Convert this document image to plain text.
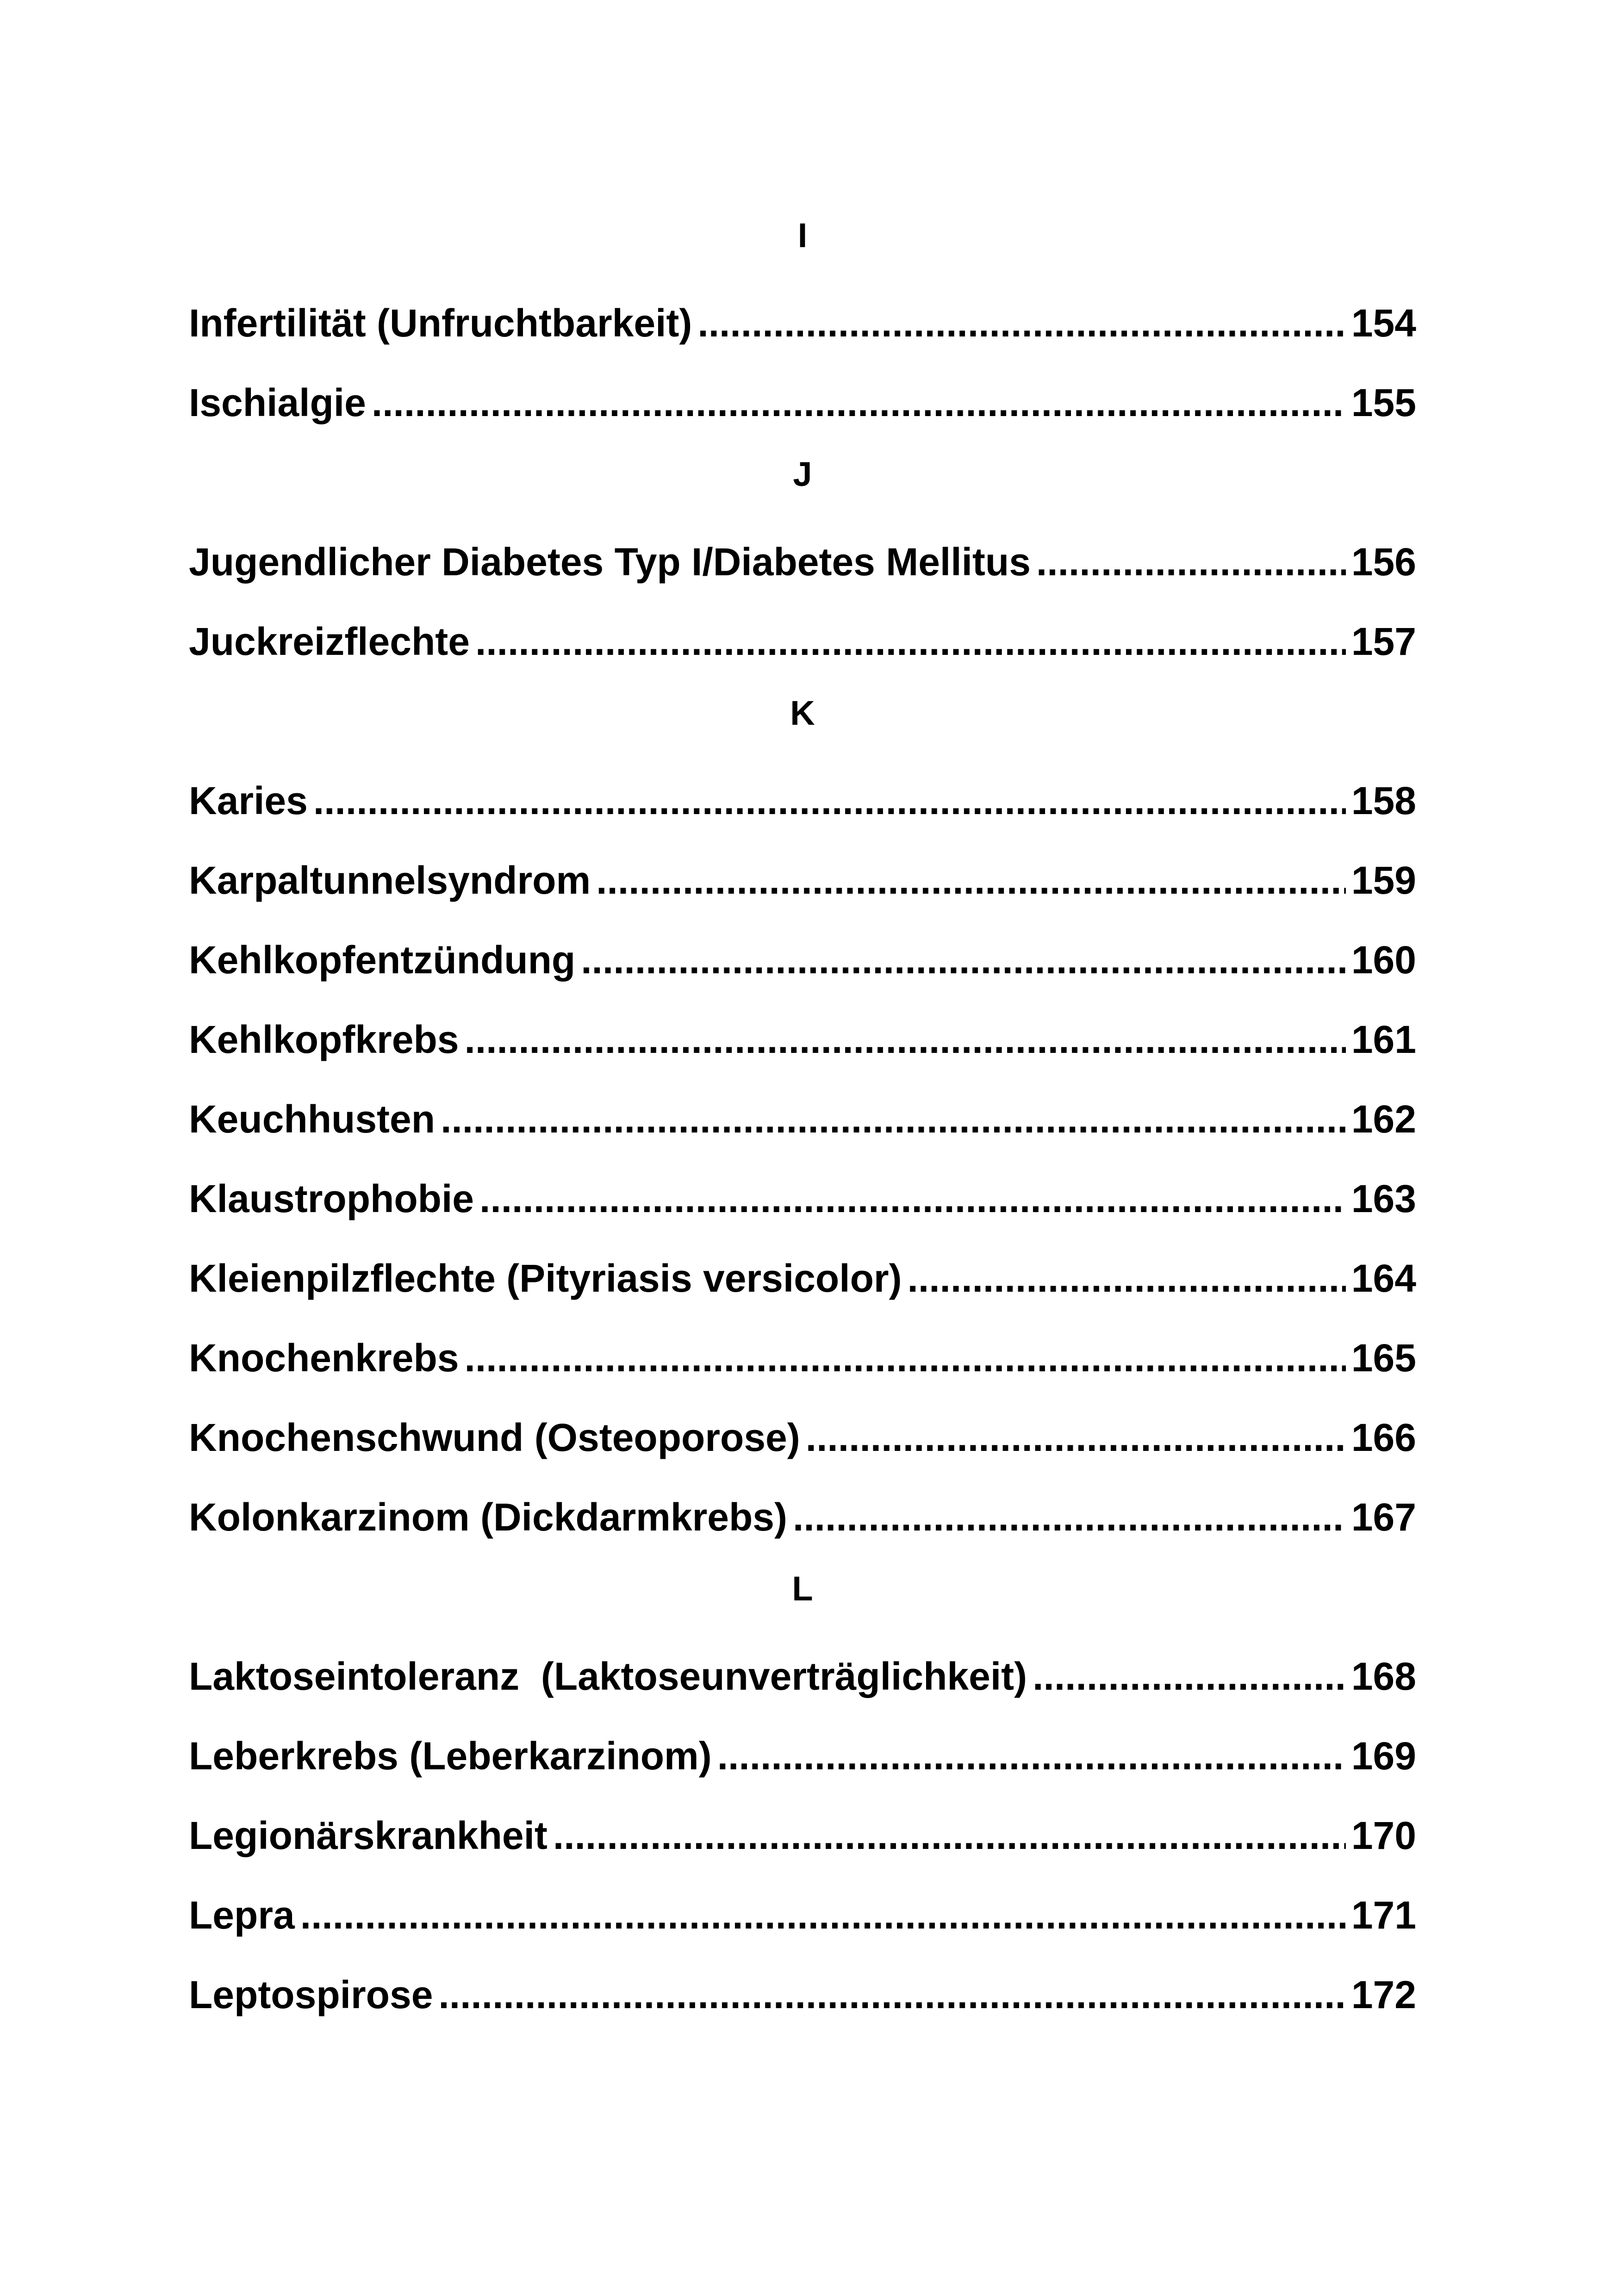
I
Infertilität (Unfruchtbarkeit) .....	154
Ischialgie .....	155
J
Jugendlicher Diabetes Typ I/Diabetes Mellitus .....	156
Juckreizflechte .....	157
K
Karies .....	158
Karpaltunnelsyndrom .....	159
Kehlkopfentzündung .....	160
Kehlkopfkrebs .....	161
Keuchhusten .....	162
Klaustrophobie .....	163
Kleienpilzflechte (Pityriasis versicolor) .....	164
Knochenkrebs .....	165
Knochenschwund (Osteoporose) .....	166
Kolonkarzinom (Dickdarmkrebs) .....	167
L
Laktoseintoleranz  (Laktoseunverträglichkeit) .....	168
Leberkrebs (Leberkarzinom) .....	169
Legionärskrankheit .....	170
Lepra .....	171
Leptospirose .....	172
